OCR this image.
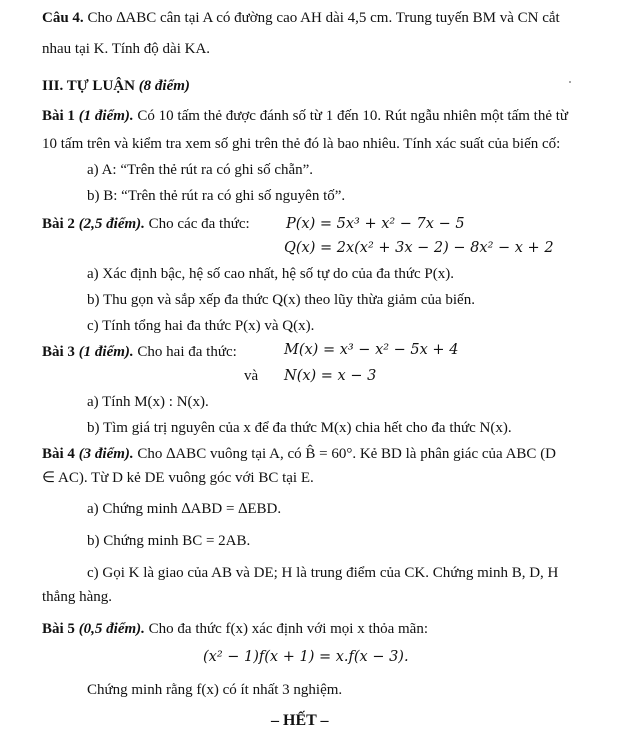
Câu 4. Cho ∆ABC cân tại A có đường cao AH dài 4,5 cm. Trung tuyến BM và CN cắt
nhau tại K. Tính độ dài KA.
III. TỰ LUẬN (8 điểm)
Bài 1 (1 điểm). Có 10 tấm thẻ được đánh số từ 1 đến 10. Rút ngẫu nhiên một tấm thẻ từ
10 tấm trên và kiểm tra xem số ghi trên thẻ đó là bao nhiêu. Tính xác suất của biến cố:
a) A: “Trên thẻ rút ra có ghi số chẵn”.
b) B: “Trên thẻ rút ra có ghi số nguyên tố”.
Bài 2 (2,5 điểm). Cho các đa thức:	P(x) = 5x³ + x² − 7x − 5
Q(x) = 2x(x² + 3x − 2) − 8x² − x + 2
a) Xác định bậc, hệ số cao nhất, hệ số tự do của đa thức P(x).
b) Thu gọn và sắp xếp đa thức Q(x) theo lũy thừa giảm của biến.
c) Tính tổng hai đa thức P(x) và Q(x).
Bài 3 (1 điểm). Cho hai đa thức:	M(x) = x³ − x² − 5x + 4
và N(x) = x − 3
a) Tính M(x) : N(x).
b) Tìm giá trị nguyên của x để đa thức M(x) chia hết cho đa thức N(x).
Bài 4 (3 điểm). Cho ∆ABC vuông tại A, có B̂ = 60°. Kẻ BD là phân giác của ABC (D
∈ AC). Từ D kẻ DE vuông góc với BC tại E.
a) Chứng minh ∆ABD = ∆EBD.
b) Chứng minh BC = 2AB.
c) Gọi K là giao của AB và DE; H là trung điểm của CK. Chứng minh B, D, H
thẳng hàng.
Bài 5 (0,5 điểm). Cho đa thức f(x) xác định với mọi x thỏa mãn:
(x² − 1)f(x + 1) = x.f(x − 3).
Chứng minh rằng f(x) có ít nhất 3 nghiệm.
– HẾT –
